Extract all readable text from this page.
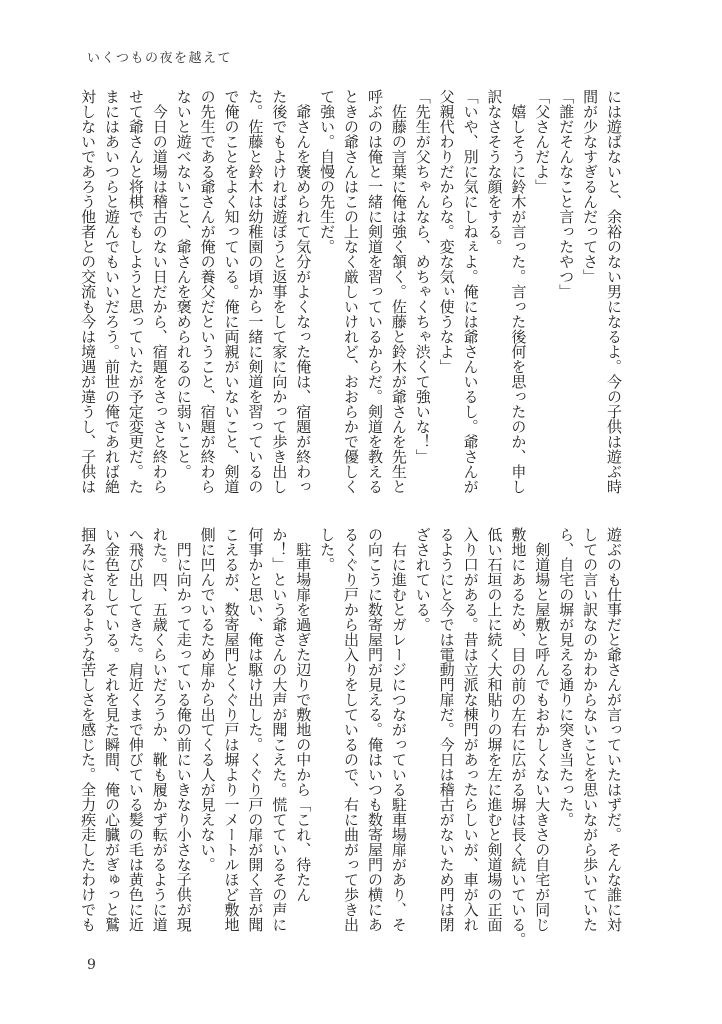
いくつもの夜を越えて
には遊ばないと、余裕のない男になるよ。今の子供は遊ぶ時
間が少なすぎるんだってさ」
「誰だそんなこと言ったやつ」
「父さんだよ」
　嬉しそうに鈴木が言った。言った後何を思ったのか、申し
訳なさそうな顔をする。
「いや、別に気にしねぇよ。俺には爺さんいるし。爺さんが
父親代わりだからな。変な気ぃ使うなよ」
「先生が父ちゃんなら、めちゃくちゃ渋くて強いな！」
　佐藤の言葉に俺は強く頷く。佐藤と鈴木が爺さんを先生と
呼ぶのは俺と一緒に剣道を習っているからだ。剣道を教える
ときの爺さんはこの上なく厳しいけれど、おおらかで優しく
て強い。自慢の先生だ。
　爺さんを褒められて気分がよくなった俺は、宿題が終わっ
た後でもよければ遊ぼうと返事をして家に向かって歩き出し
た。佐藤と鈴木は幼稚園の頃から一緒に剣道を習っているの
で俺のことをよく知っている。俺に両親がいないこと、剣道
の先生である爺さんが俺の養父だということ、宿題が終わら
ないと遊べないこと、爺さんを褒められるのに弱いこと。
　今日の道場は稽古のない日だから、宿題をさっさと終わら
せて爺さんと将棋でもしようと思っていたが予定変更だ。た
まにはあいつらと遊んでもいいだろう。前世の俺であれば絶
対しないであろう他者との交流も今は境遇が違うし、子供は
遊ぶのも仕事だと爺さんが言っていたはずだ。そんな誰に対
しての言い訳なのかわからないことを思いながら歩いていた
ら、自宅の塀が見える通りに突き当たった。
　剣道場と屋敷と呼んでもおかしくない大きさの自宅が同じ
敷地にあるため、目の前の左右に広がる塀は長く続いている。
低い石垣の上に続く大和貼りの塀を左に進むと剣道場の正面
入り口がある。昔は立派な棟門があったらしいが、車が入れ
るようにと今では電動門扉だ。今日は稽古がないため門は閉
ざされている。
　右に進むとガレージにつながっている駐車場扉があり、そ
の向こうに数寄屋門が見える。俺はいつも数寄屋門の横にあ
るくぐり戸から出入りをしているので、右に曲がって歩き出
した。
　駐車場扉を過ぎた辺りで敷地の中から「これ、待たん
か！」という爺さんの大声が聞こえた。慌てているその声に
何事かと思い、俺は駆け出した。くぐり戸の扉が開く音が聞
こえるが、数寄屋門とくぐり戸は塀より一メートルほど敷地
側に凹んでいるため扉から出てくる人が見えない。
　門に向かって走っている俺の前にいきなり小さな子供が現
れた。四、五歳くらいだろうか、靴も履かず転がるように道
へ飛び出してきた。肩近くまで伸びている髪の毛は黄色に近
い金色をしている。それを見た瞬間、俺の心臓がぎゅっと鷲
掴みにされるような苦しさを感じた。全力疾走したわけでも
9
